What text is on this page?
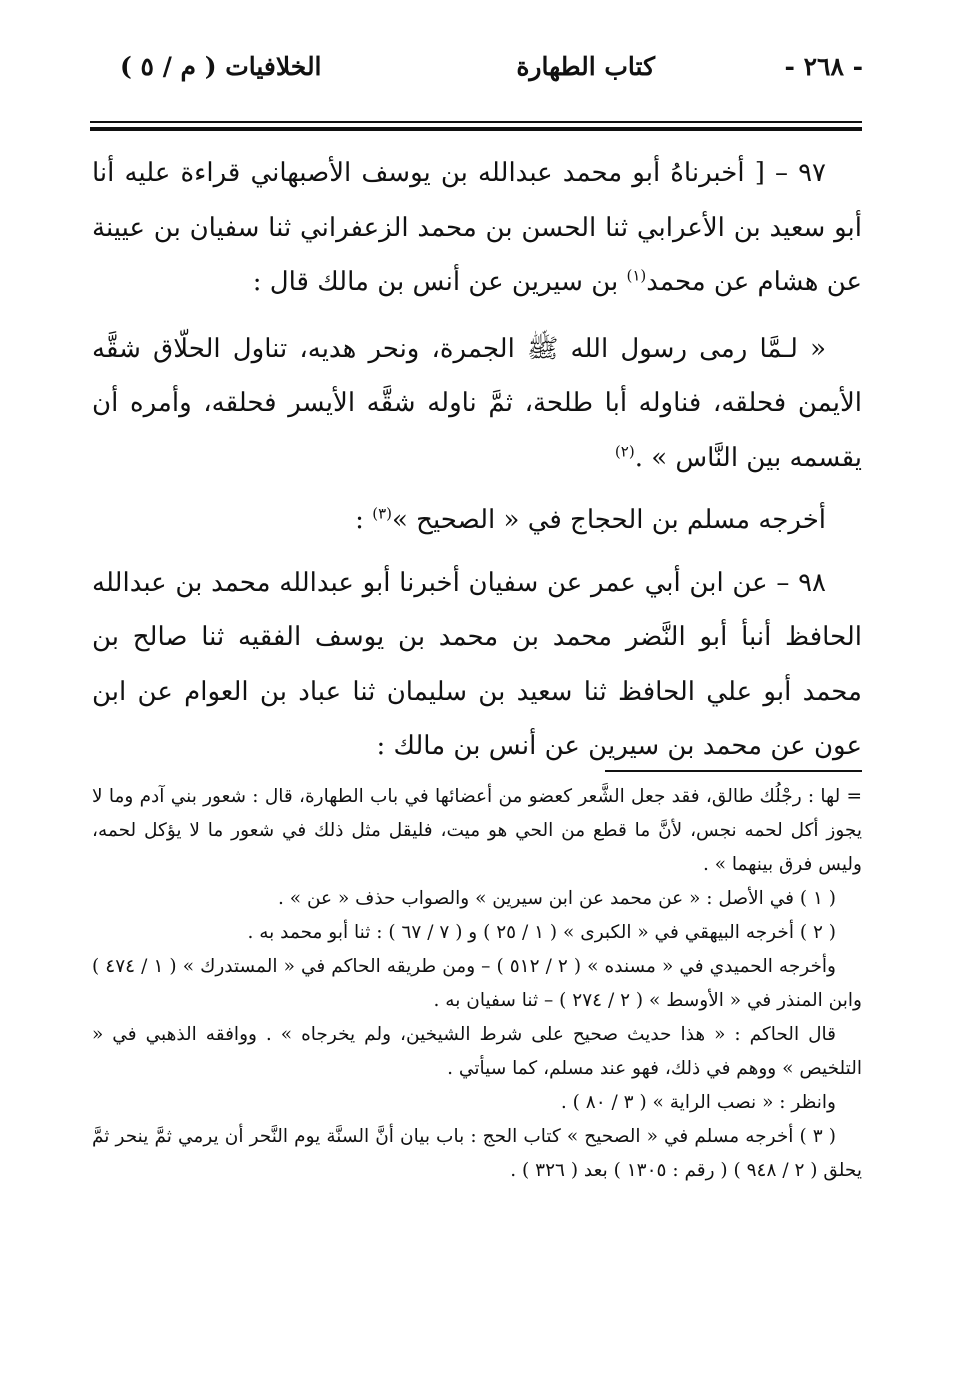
- ٢٦٨ -
كتاب الطهارة
الخلافيات ( م / ٥ )

٩٧ – [ أخبرناهُ أبو محمد عبدالله بن يوسف الأصبهاني قراءة عليه أنا أبو سعيد بن الأعرابي ثنا الحسن بن محمد الزعفراني ثنا سفيان بن عيينة عن هشام عن محمد$^{(١)}$ بن سيرين عن أنس بن مالك قال :

« لـمَّا رمى رسول الله ﷺ الجمرة، ونحر هديه، تناول الحلّاق شقَّه الأيمن فحلقه، فناوله أبا طلحة، ثمَّ ناوله شقَّه الأيسر فحلقه، وأمره أن يقسمه بين النَّاس » .$^{(٢)}$

أخرجه مسلم بن الحجاج في « الصحيح »$^{(٣)}$ :

٩٨ – عن ابن أبي عمر عن سفيان أخبرنا أبو عبدالله محمد بن عبدالله الحافظ أنبأ أبو النَّضر محمد بن محمد بن يوسف الفقيه ثنا صالح بن محمد أبو علي الحافظ ثنا سعيد بن سليمان ثنا عباد بن العوام عن ابن عون عن محمد بن سيرين عن أنس بن مالك :

= لها : رجْلُك طالق، فقد جعل الشَّعر كعضو من أعضائها في باب الطهارة، قال : شعور بني آدم وما لا يجوز أكل لحمه نجس، لأنَّ ما قطع من الحي هو ميت، فليقل مثل ذلك في شعور ما لا يؤكل لحمه، وليس فرق بينهما » .

( ١ ) في الأصل : « عن محمد عن ابن سيرين » والصواب حذف « عن » .

( ٢ ) أخرجه البيهقي في « الكبرى » ( ١ / ٢٥ ) و ( ٧ / ٦٧ ) : ثنا أبو محمد به .

وأخرجه الحميدي في « مسنده » ( ٢ / ٥١٢ ) – ومن طريقه الحاكم في « المستدرك » ( ١ / ٤٧٤ ) وابن المنذر في « الأوسط » ( ٢ / ٢٧٤ ) – ثنا سفيان به .

قال الحاكم : « هذا حديث صحيح على شرط الشيخين، ولم يخرجاه » . ووافقه الذهبي في « التلخيص » ووهم في ذلك، فهو عند مسلم، كما سيأتي .

وانظر : « نصب الراية » ( ٣ / ٨٠ ) .

( ٣ ) أخرجه مسلم في « الصحيح » كتاب الحج : باب بيان أنَّ السنَّة يوم النَّحر أن يرمي ثمَّ ينحر ثمَّ يحلق ( ٢ / ٩٤٨ ) ( رقم : ١٣٠٥ ) بعد ( ٣٢٦ ) .
